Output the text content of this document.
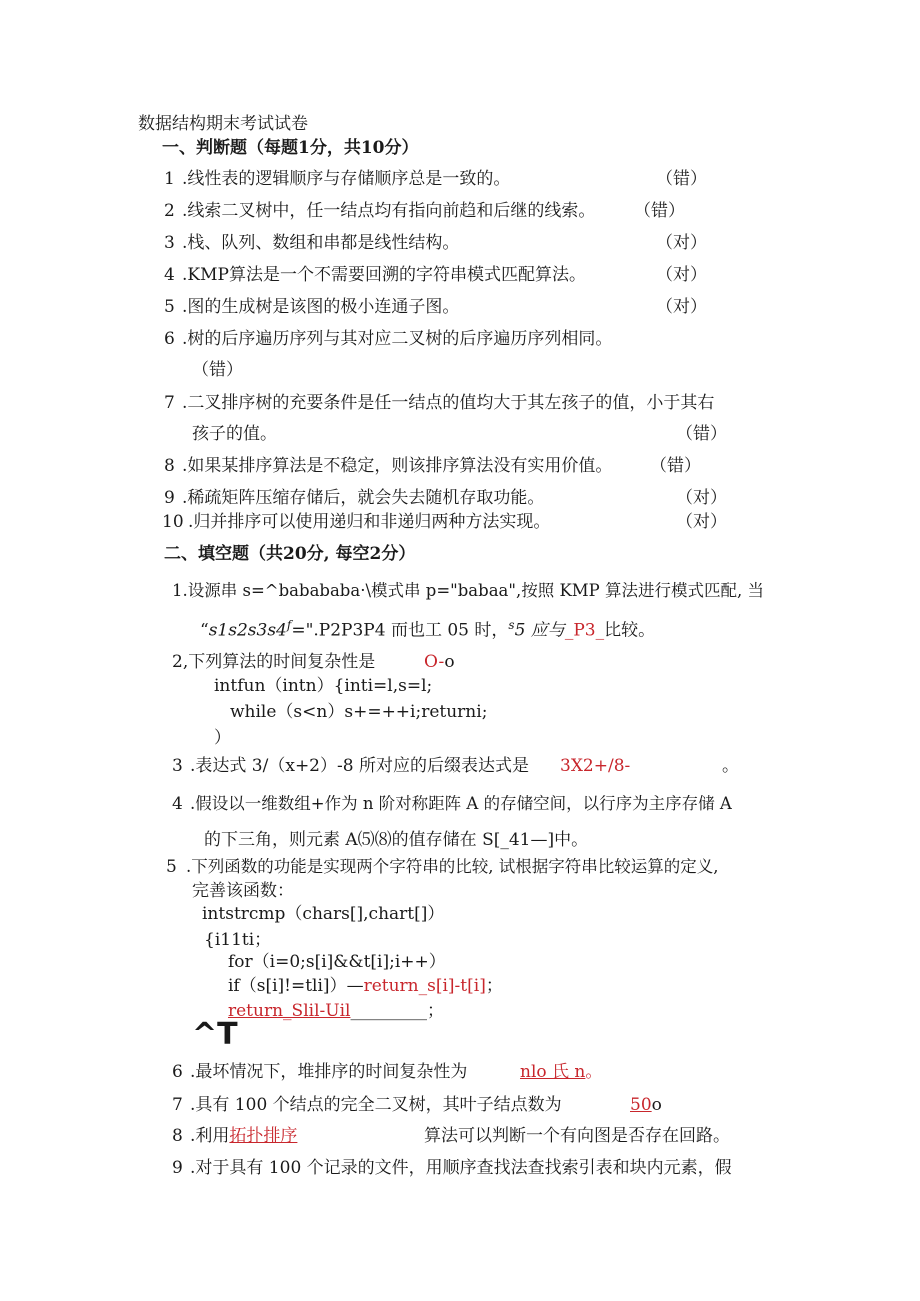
数据结构期末考试试卷
一、判断题（每题1分，共10分）
1 .线性表的逻辑顺序与存储顺序总是一致的。	（错）
2 .线索二叉树中，任一结点均有指向前趋和后继的线索。 （错）
3 .栈、队列、数组和串都是线性结构。	（对）
4 .KMP算法是一个不需要回溯的字符串模式匹配算法。	（对）
5 .图的生成树是该图的极小连通子图。	（对）
6 .树的后序遍历序列与其对应二叉树的后序遍历序列相同。
（错）
7 .二叉排序树的充要条件是任一结点的值均大于其左孩子的值，小于其右
孩子的值。	（错）
8 .如果某排序算法是不稳定，则该排序算法没有实用价值。 （错）
9 .稀疏矩阵压缩存储后，就会失去随机存取功能。	（对）
10 .归并排序可以使用递归和非递归两种方法实现。	（对）
二、填空题（共20分, 每空2分）
1.设源串 s=^babababa·\模式串 p="babaa",按照 KMP 算法进行模式匹配, 当
“$s1s2s3s4^f=".P2P3P4$ 而也工 05 时，$^s$5 应与_P3_比较。
2,下列算法的时间复杂性是	O-o
intfun（intn）{inti=l,s=l;
while（s<n）s+=++i;returni;
）
3 .表达式 3/（x+2）-8 所对应的后缀表达式是 3X2+/8-	。
4 .假设以一维数组+作为 n 阶对称距阵 A 的存储空间，以行序为主序存储 A
的下三角，则元素 A⑸⑻的值存储在 S[_41—]中。
5 .下列函数的功能是实现两个字符串的比较, 试根据字符串比较运算的定义,
完善该函数：
intstrcmp（chars[],chart[]）
{i11ti；
for（i=0;s[i]&&t[i];i++）
if（s[i]!=tli]）—return_s[i]-t[i]；
return_Slil-Uil_________；
^T
6 .最坏情况下，堆排序的时间复杂性为	nlo 氏 n。
7 .具有 100 个结点的完全二叉树，其叶子结点数为	50o
8 .利用拓扑排序	算法可以判断一个有向图是否存在回路。
9 .对于具有 100 个记录的文件，用顺序查找法查找索引表和块内元素，假
